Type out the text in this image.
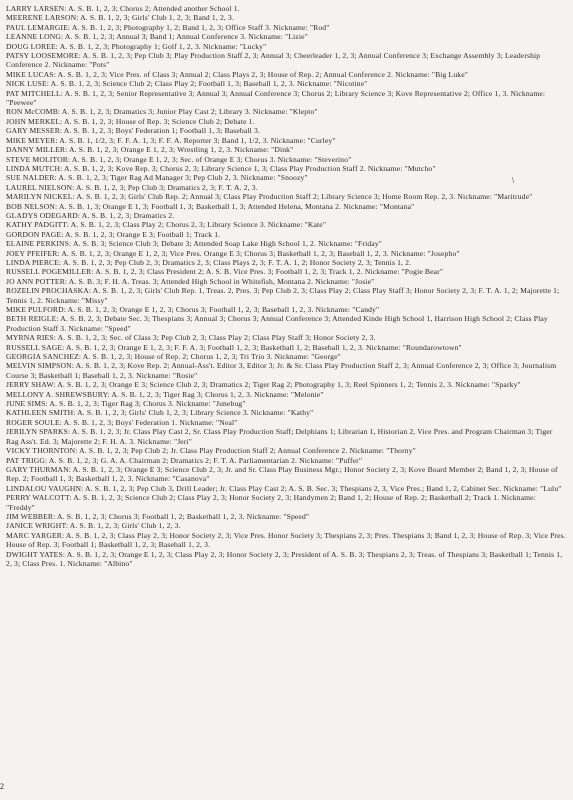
LARRY LARSEN: A. S. B. 1, 2, 3; Chorus 2; Attended another School 1.
MEERENE LARSON: A. S. B. 1, 2, 3; Girls' Club 1, 2, 3; Band 1, 2, 3.
PAUL LEMARGIE: A. S. B. 1, 2, 3; Photography 1, 2; Band 1, 2, 3; Office Staff 3. Nickname: "Rod"
LEANNE LONG: A. S. B. 1, 2, 3; Annual 3; Band 1; Annual Conference 3. Nickname: "Lizie"
DOUG LOREE: A. S. B. 1, 2, 3; Photography 1; Golf 1, 2, 3. Nickname: "Lucky"
PATSY LOOSEMORE: A. S. B. 1, 2, 3; Pep Club 3; Play Production Staff 2, 3; Annual 3; Cheerleader 1, 2, 3; Annual Conference 3; Exchange Assembly 3; Leadership Conference 2. Nickname: "Pots"
MIKE LUCAS: A. S. B. 1, 2, 3; Vice Pres. of Class 3; Annual 2; Class Plays 2, 3; House of Rep. 2; Annual Conference 2. Nickname: "Big Luke"
NICK LUSE: A. S. B. 1, 2, 3; Science Club 2; Class Play 2; Football 1, 3; Baseball 1, 2, 3. Nickname: "Nicotine"
PAT MITCHELL: A. S. B. 1, 2, 3; Senior Representative 3; Annual 3; Annual Conference 3; Chorus 2; Library Science 3; Kove Representative 2; Office 1, 3. Nickname: "Peewee"
RON McCOMB: A. S. B. 1, 2, 3; Dramatics 3; Junior Play Cast 2; Library 3. Nickname: "Klepto"
JOHN MERKEL: A. S. B. 1, 2, 3; House of Rep. 3; Science Club 2; Debate 1.
GARY MESSER: A. S. B. 1, 2, 3; Boys' Federation 1; Football 1, 3; Baseball 3.
MIKE MEYER: A. S. B. 1, 1/2, 3; F. F. A. 1, 3; F. F. A. Reporter 3; Band 1, 1/2, 3. Nickname: "Curley"
DANNY MILLER: A. S. B. 1, 2, 3; Orange E 1, 2, 3; Wrestling 1, 2, 3. Nickname: "Dink"
STEVE MOLITOR: A. S. B. 1, 2, 3; Orange E 1, 2, 3; Sec. of Orange E 3; Chorus 3. Nickname: "Steverino"
LINDA MUTCH: A. S. B. 1, 2, 3; Kove Rep. 3; Chorus 2, 3; Library Science 1, 3; Class Play Production Staff 2. Nickname: "Mutcho"
SUE NALDER: A. S. B. 1, 2, 3; Tiger Rag Ad Manager 3; Pep Club 2, 3. Nickname: "Snoozy"
LAUREL NIELSON: A. S. B. 1, 2, 3; Pep Club 3; Dramatics 2, 3; F. T. A. 2, 3.
MARILYN NICKEL: A. S. B. 1, 2, 3; Girls' Club Rep. 2; Annual 3; Class Play Production Staff 2; Library Science 3; Home Room Rep. 2, 3. Nickname: "Maritrude"
BOB NELSON: A. S. B. 1, 3; Orange E 1, 3; Football 1, 3; Basketball 1, 3; Attended Helena, Montana 2. Nickname: "Montana"
GLADYS ODEGARD: A. S. B. 1, 2, 3; Dramatics 2.
KATHY PADGITT: A. S. B. 1, 2, 3; Class Play 2; Chorus 2, 3; Library Science 3. Nickname: "Kate"
GORDON PAGE: A. S. B. 1, 2, 3; Orange E 3; Football 1; Track 1.
ELAINE PERKINS: A. S. B. 3; Science Club 3; Debate 3; Attended Soap Lake High School 1, 2. Nickname: "Friday"
JOEY PFEIFER: A. S. B. 1, 2, 3; Orange E 1, 2, 3; Vice Pres. Orange E 3; Chorus 3; Basketball 1, 2, 3; Baseball 1, 2, 3. Nickname: "Josepho"
LINDA PIERCE: A. S. B. 1, 2, 3; Pep Club 2, 3; Dramatics 2, 3; Class Plays 2, 3; F. T. A. 1, 2; Honor Society 2, 3; Tennis 1, 2.
RUSSELL POGEMILLER: A. S. B. 1, 2, 3; Class President 2; A. S. B. Vice Pres. 3; Football 1, 2, 3; Track 1, 2. Nickname: "Pogie Bear"
JO ANN POTTER: A. S. B. 3; F. H. A. Treas. 3; Attended High School in Whitefish, Montana 2. Nickname: "Josie"
ROZELIN PROCHASKA: A. S. B. 1, 2, 3; Girls' Club Rep. 1, Treas. 2, Pres. 3; Pep Club 2, 3; Class Play 2; Class Play Staff 3; Honor Society 2, 3; F. T. A. 1, 2; Majorette 1; Tennis 1, 2. Nickname: "Missy"
MIKE PULFORD: A. S. B. 1, 2, 3; Orange E 1, 2, 3; Chorus 3; Football 1, 2, 3; Baseball 1, 2, 3. Nickname: "Candy"
BETH REIGLE: A. S. B. 2, 3; Debate Sec. 3; Thespians 3; Annual 3; Chorus 3; Annual Conference 3; Attended Kinde High School 1, Harrison High School 2; Class Play Production Staff 3. Nickname: "Speed"
MYRNA RIES: A. S. B. 1, 2, 3; Sec. of Class 3; Pep Club 2, 3; Class Play 2; Class Play Staff 3; Honor Society 2, 3.
RUSSELL SAGE: A. S. B. 1, 2, 3; Orange E 1, 2, 3; F. F. A. 3; Football 1, 2, 3; Basketball 1, 2; Baseball 1, 2, 3. Nickname: "Roundarowtown"
GEORGIA SANCHEZ: A. S. B. 1, 2, 3; House of Rep. 2; Chorus 1, 2, 3; Tri Trio 3. Nickname: "George"
MELVIN SIMPSON: A. S. B. 1, 2, 3; Kove Rep. 2; Annual-Ass't. Editor 3, Editor 3; Jr. & Sr. Class Play Production Staff 2, 3; Annual Conference 2, 3; Office 3; Journalism Course 3; Basketball 1; Baseball 1, 2, 3. Nickname: "Rosie"
JERRY SHAW: A. S. B. 1, 2, 3; Orange E 3; Science Club 2, 3; Dramatics 2; Tiger Rag 2; Photography 1, 3; Reel Spinners 1, 2; Tennis 2, 3. Nickname: "Sparky"
MELLONY A. SHREWSBURY: A. S. B. 1, 2, 3; Tiger Rag 3; Chorus 1, 2, 3. Nickname: "Melonie"
JUNE SIMS: A. S. B. 1, 2, 3; Tiger Rag 3; Chorus 3. Nickname: "Junebug"
KATHLEEN SMITH: A. S. B. 1, 2, 3; Girls' Club 1, 2, 3; Library Science 3. Nickname: "Kathy"
ROGER SOULE: A. S. B. 1, 2, 3; Boys' Federation 1. Nickname: "Neal"
JERILYN SPARKS: A. S. B. 1, 2, 3; Jr. Class Play Cast 2, Sr. Class Play Production Staff; Delphians 1; Librarian 1, Historian 2, Vice Pres. and Program Chairman 3; Tiger Rag Ass't. Ed. 3; Majorette 2; F. H. A. 3. Nickname: "Jeri"
VICKY THORNTON: A. S. B. 1, 2, 3; Pep Club 2; Jr. Class Play Production Staff 2; Annual Conference 2. Nickname: "Thorny"
PAT TRIGG: A. S. B. 1, 2, 3; G. A. A. Chairman 2; Dramatics 2; F. T. A. Parliamentarian 2. Nickname: "Puffer"
GARY THURMAN: A. S. B. 1, 2, 3; Orange E 3; Science Club 2, 3; Jr. and Sr. Class Play Business Mgr.; Honor Society 2, 3; Kove Board Member 2; Band 1, 2, 3; House of Rep. 2; Football 1, 3; Basketball 1, 2, 3. Nickname: "Casanova"
LINDALOU VAUGHN: A. S. B. 1, 2, 3; Pep Club 3, Drill Leader; Jr. Class Play Cast 2; A. S. B. Sec. 3; Thespians 2, 3, Vice Pres.; Band 1, 2, Cabinet Sec. Nickname: "Lulu"
PERRY WALCOTT: A. S. B. 1, 2, 3; Science Club 2; Class Play 2, 3; Honor Society 2, 3; Handymen 2; Band 1, 2; House of Rep. 2; Basketball 2; Track 1. Nickname: "Freddy"
JIM WEBBER: A. S. B. 1, 2, 3; Chorus 3; Football 1, 2; Basketball 1, 2, 3. Nickname: "Speed"
JANICE WRIGHT: A. S. B. 1, 2, 3; Girls' Club 1, 2, 3.
MARC YARGER: A. S. B. 1, 2, 3; Class Play 2, 3; Honor Society 2, 3; Vice Pres. Honor Society 3; Thespians 2, 3; Pres. Thespians 3; Band 1, 2, 3; House of Rep. 3; Vice Pres. House of Rep. 3; Football 1; Basketball 1, 2, 3; Baseball 1, 2, 3.
DWIGHT YATES: A. S. B. 1, 2, 3; Orange E 1, 2, 3; Class Play 2, 3; Honor Society 2, 3; President of A. S. B. 3; Thespians 2, 3; Treas. of Thespians 3; Basketball 1; Tennis 1, 2, 3; Class Pres. 1. Nickname: "Albino"
\
2
